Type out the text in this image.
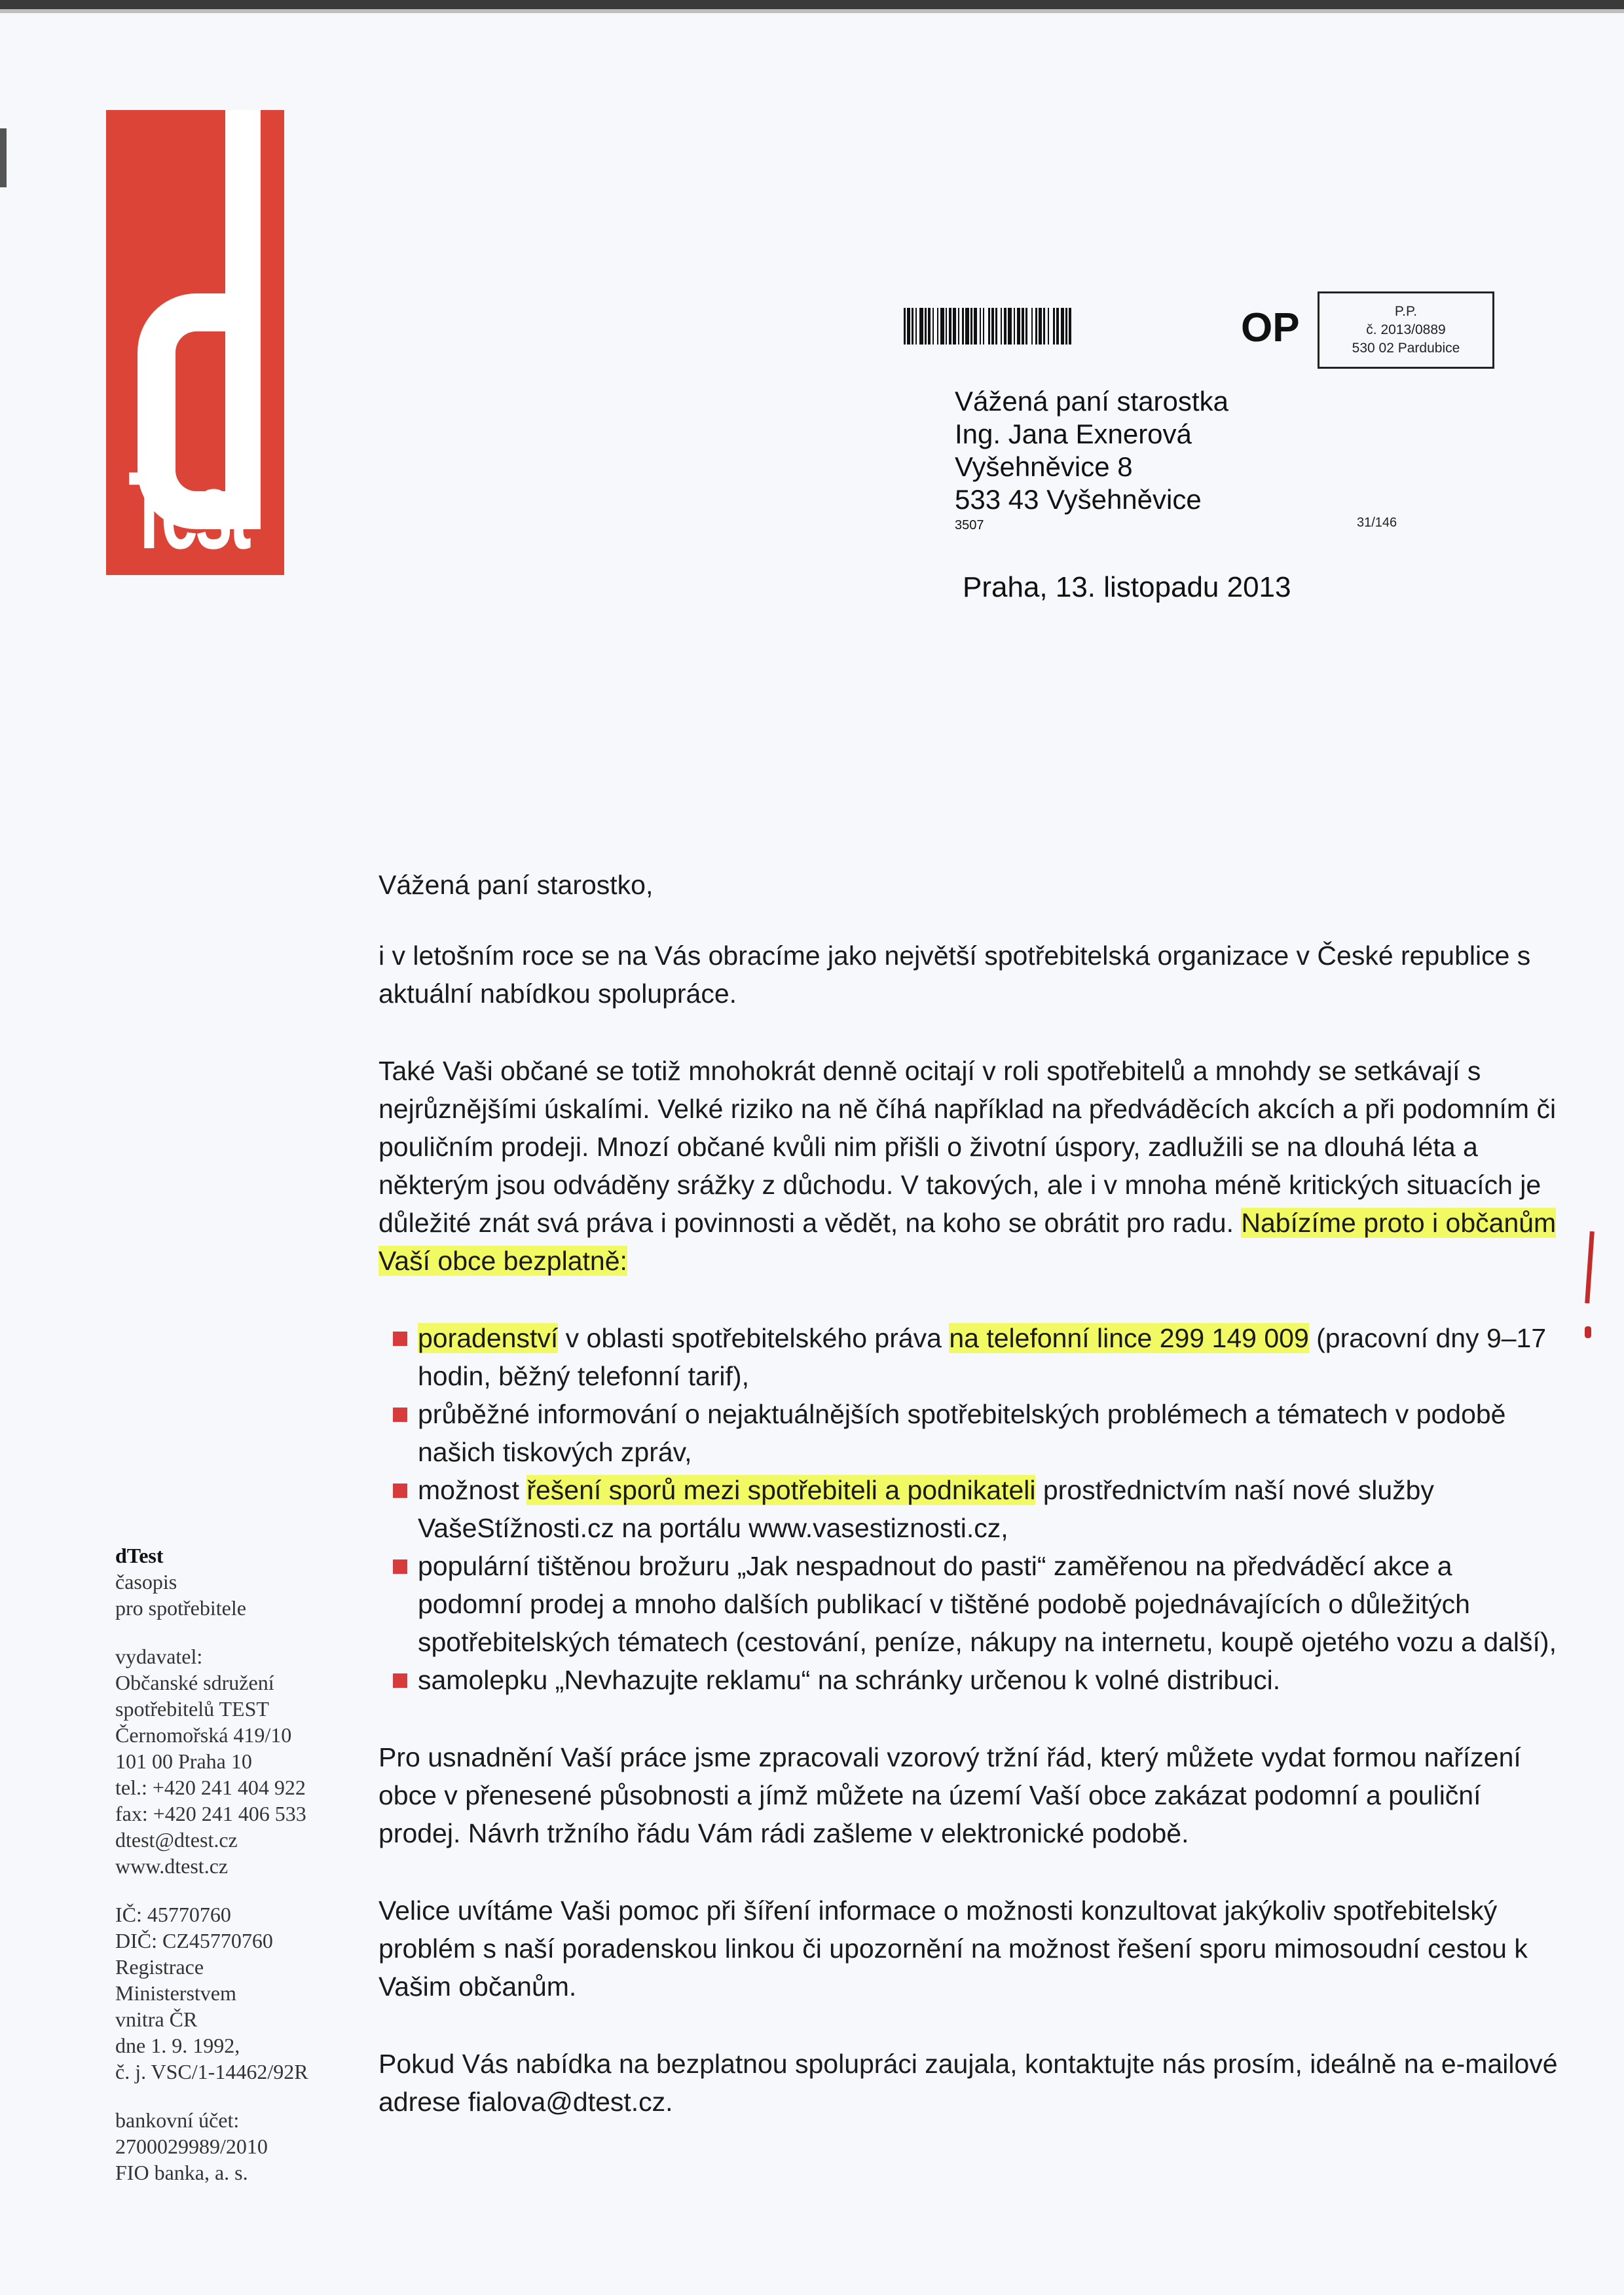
Test
OP	P.P.
č. 2013/0889
530 02 Pardubice
Vážená paní starostka
Ing. Jana Exnerová
Vyšehněvice 8
533 43 Vyšehněvice
3507	31/146
Praha, 13. listopadu 2013

Vážená paní starostko,

i v letošním roce se na Vás obracíme jako největší spotřebitelská organizace v České republice s aktuální nabídkou spolupráce.

Také Vaši občané se totiž mnohokrát denně ocitají v roli spotřebitelů a mnohdy se setkávají s nejrůznějšími úskalími. Velké riziko na ně číhá například na předváděcích akcích a při podomním či pouličním prodeji. Mnozí občané kvůli nim přišli o životní úspory, zadlužili se na dlouhá léta a některým jsou odváděny srážky z důchodu. V takových, ale i v mnoha méně kritických situacích je důležité znát svá práva i povinnosti a vědět, na koho se obrátit pro radu. Nabízíme proto i občanům Vaší obce bezplatně:

poradenství v oblasti spotřebitelského práva na telefonní lince 299 149 009 (pracovní dny 9–17 hodin, běžný telefonní tarif),
průběžné informování o nejaktuálnějších spotřebitelských problémech a tématech v podobě našich tiskových zpráv,
možnost řešení sporů mezi spotřebiteli a podnikateli prostřednictvím naší nové služby VašeStížnosti.cz na portálu www.vasestiznosti.cz,
populární tištěnou brožuru „Jak nespadnout do pasti“ zaměřenou na předváděcí akce a podomní prodej a mnoho dalších publikací v tištěné podobě pojednávajících o důležitých spotřebitelských tématech (cestování, peníze, nákupy na internetu, koupě ojetého vozu a další),
samolepku „Nevhazujte reklamu“ na schránky určenou k volné distribuci.

Pro usnadnění Vaší práce jsme zpracovali vzorový tržní řád, který můžete vydat formou nařízení obce v přenesené působnosti a jímž můžete na území Vaší obce zakázat podomní a pouliční prodej. Návrh tržního řádu Vám rádi zašleme v elektronické podobě.

Velice uvítáme Vaši pomoc při šíření informace o možnosti konzultovat jakýkoliv spotřebitelský problém s naší poradenskou linkou či upozornění na možnost řešení sporu mimosoudní cestou k Vašim občanům.

Pokud Vás nabídka na bezplatnou spolupráci zaujala, kontaktujte nás prosím, ideálně na e-mailové adrese fialova@dtest.cz.

dTest
časopis
pro spotřebitele

vydavatel:
Občanské sdružení
spotřebitelů TEST
Černomořská 419/10
101 00 Praha 10
tel.: +420 241 404 922
fax: +420 241 406 533
dtest@dtest.cz
www.dtest.cz

IČ: 45770760
DIČ: CZ45770760
Registrace
Ministerstvem
vnitra ČR
dne 1. 9. 1992,
č. j. VSC/1-14462/92R

bankovní účet:
2700029989/2010
FIO banka, a. s.
